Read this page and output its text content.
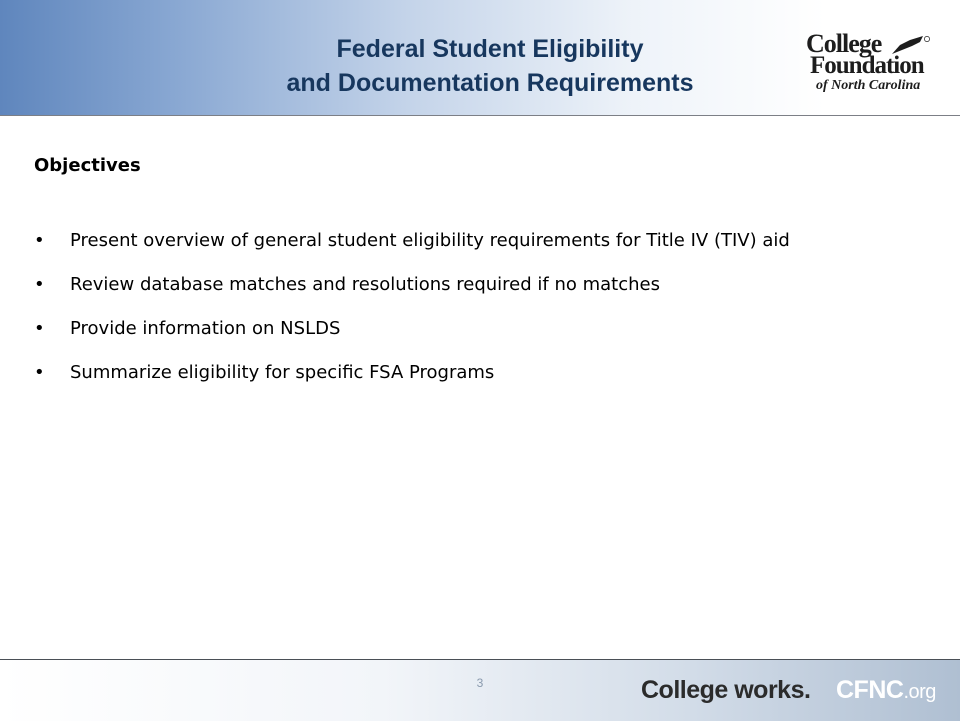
Federal Student Eligibility
and Documentation Requirements
College
Foundation
of North Carolina
Objectives
• Present overview of general student eligibility requirements for Title IV (TIV) aid
• Review database matches and resolutions required if no matches
• Provide information on NSLDS
• Summarize eligibility for specific FSA Programs
3	College works. CFNC.org
